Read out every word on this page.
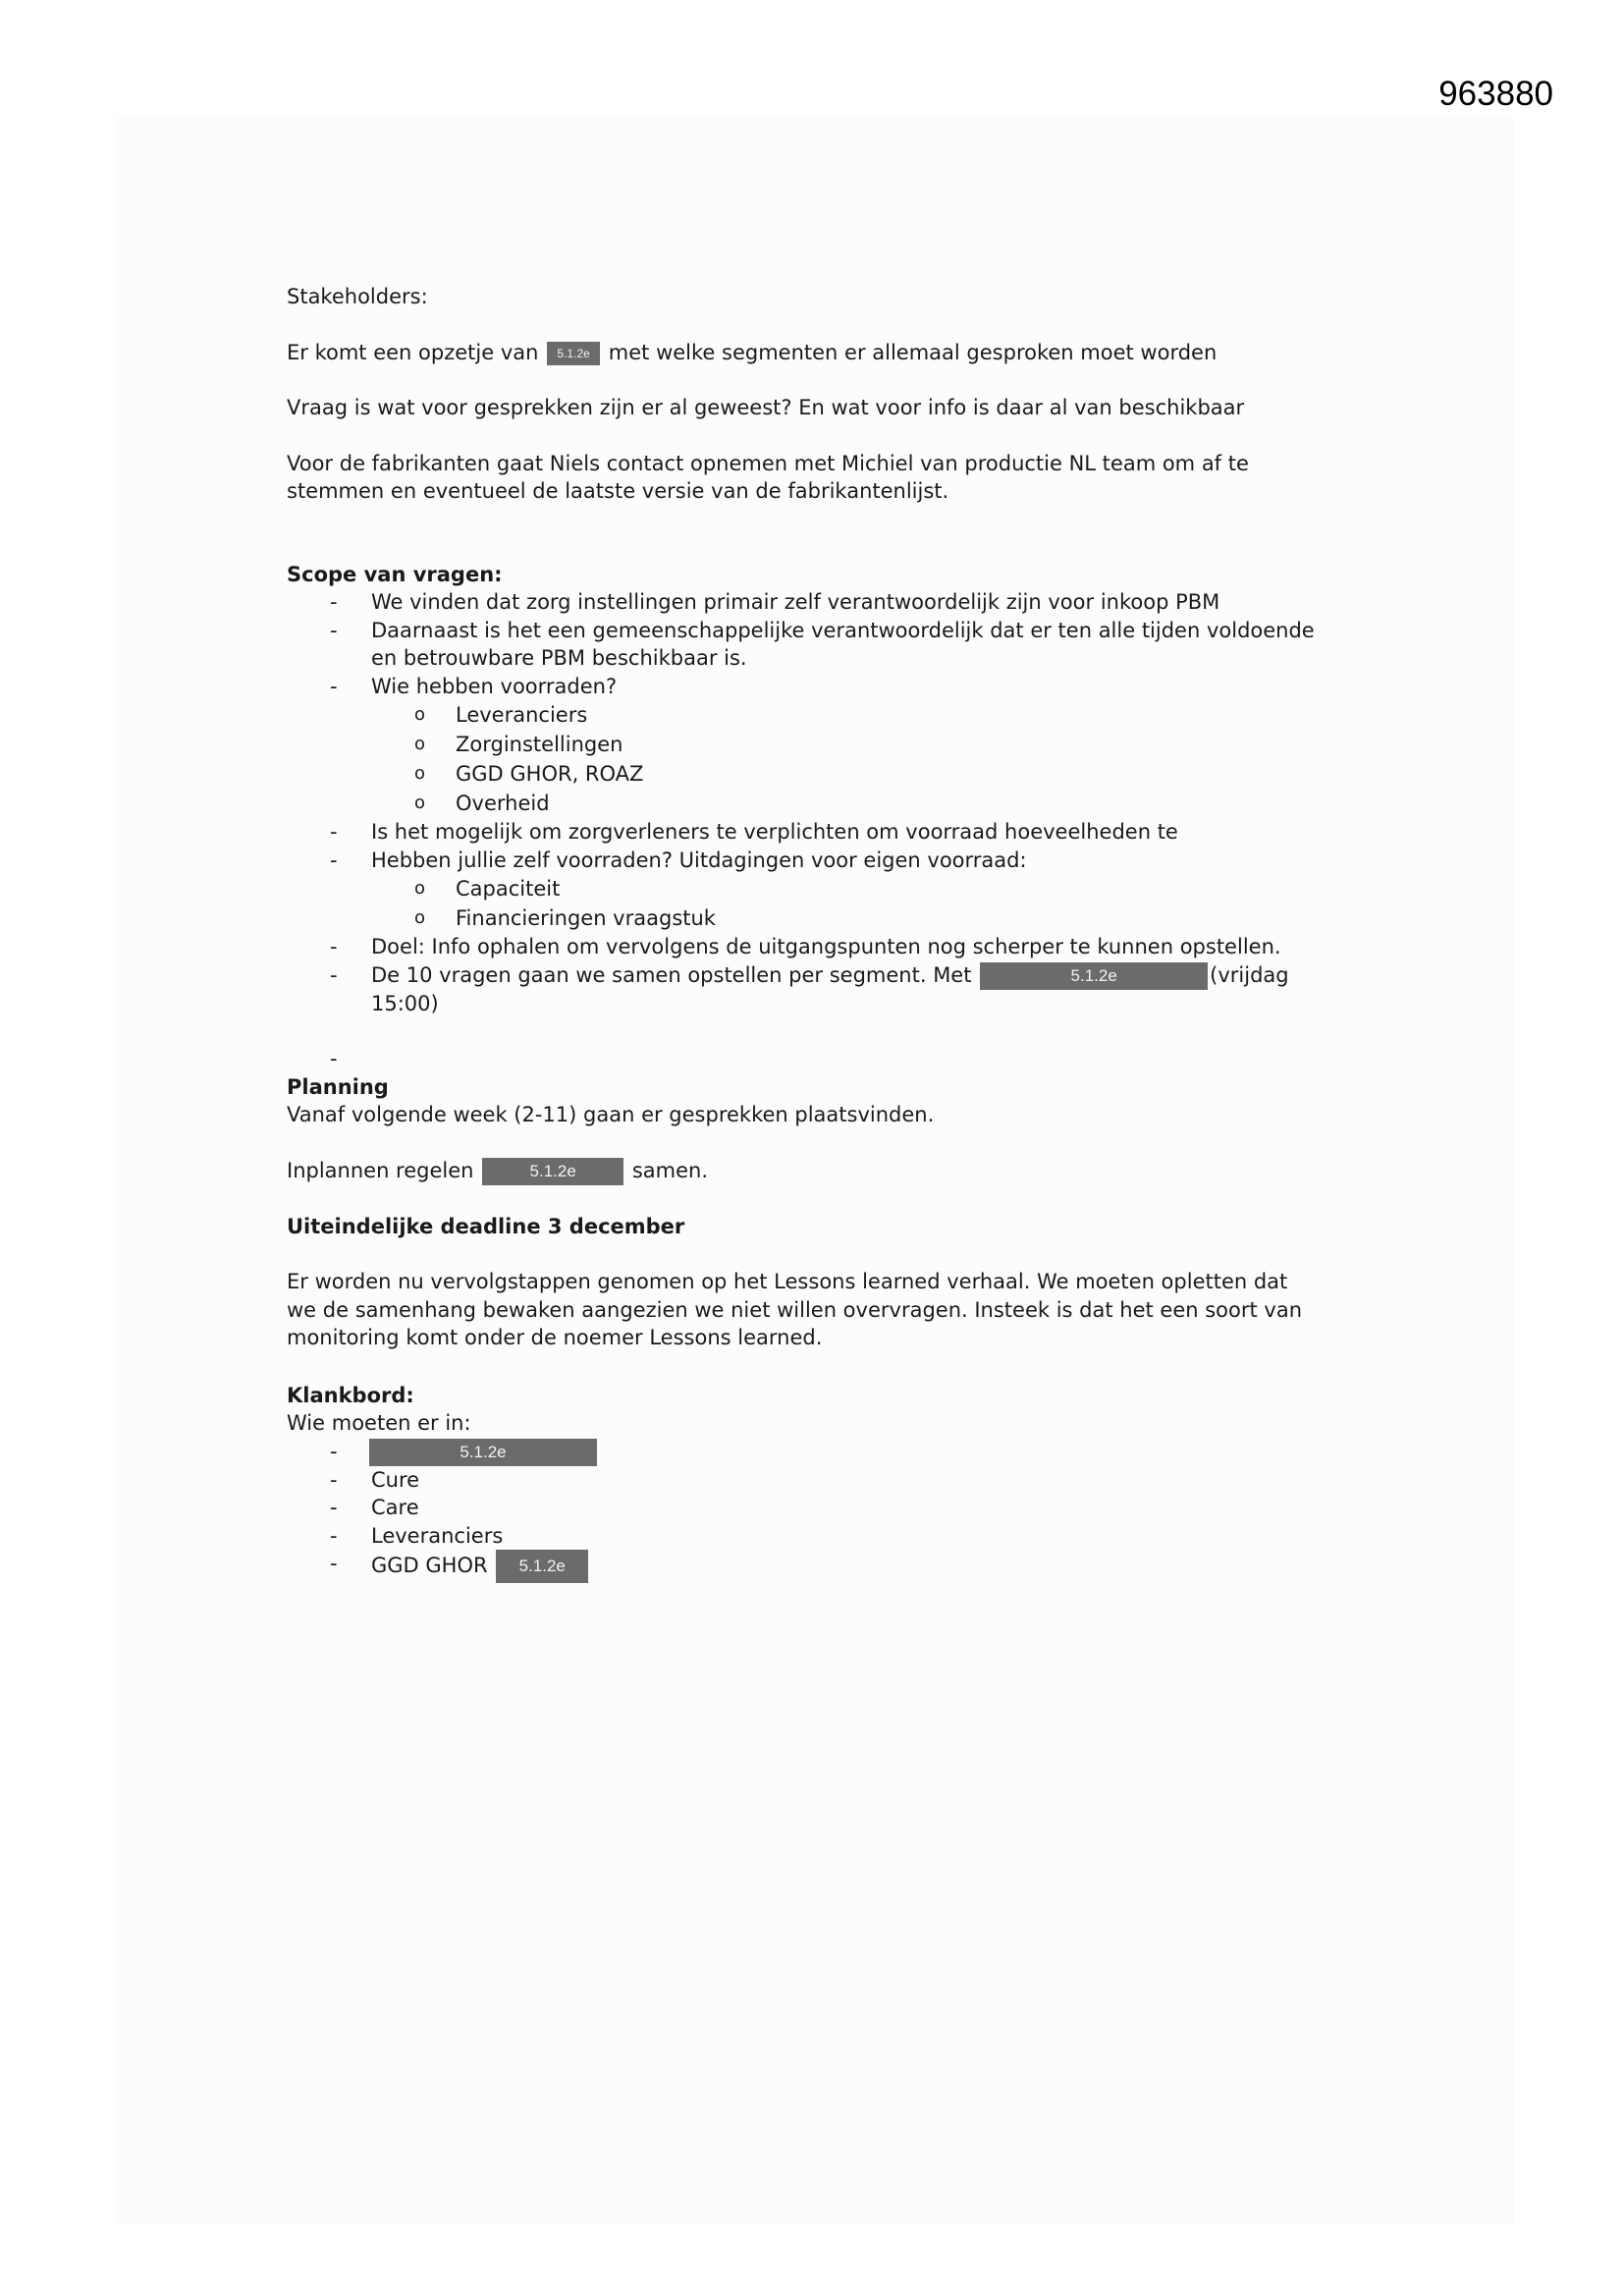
963880

Stakeholders:

Er komt een opzetje van 5.1.2e met welke segmenten er allemaal gesproken moet worden

Vraag is wat voor gesprekken zijn er al geweest? En wat voor info is daar al van beschikbaar

Voor de fabrikanten gaat Niels contact opnemen met Michiel van productie NL team om af te
stemmen en eventueel de laatste versie van de fabrikantenlijst.

Scope van vragen:
- We vinden dat zorg instellingen primair zelf verantwoordelijk zijn voor inkoop PBM
- Daarnaast is het een gemeenschappelijke verantwoordelijk dat er ten alle tijden voldoende
en betrouwbare PBM beschikbaar is.
- Wie hebben voorraden?
o Leveranciers
o Zorginstellingen
o GGD GHOR, ROAZ
o Overheid
- Is het mogelijk om zorgverleners te verplichten om voorraad hoeveelheden te
- Hebben jullie zelf voorraden? Uitdagingen voor eigen voorraad:
o Capaciteit
o Financieringen vraagstuk
- Doel: Info ophalen om vervolgens de uitgangspunten nog scherper te kunnen opstellen.
- De 10 vragen gaan we samen opstellen per segment. Met	5.1.2e	(vrijdag
15:00)
-
Planning

Vanaf volgende week (2-11) gaan er gesprekken plaatsvinden.

Inplannen regelen	5.1.2e	samen.

Uiteindelijke deadline 3 december

Er worden nu vervolgstappen genomen op het Lessons learned verhaal. We moeten opletten dat
we de samenhang bewaken aangezien we niet willen overvragen. Insteek is dat het een soort van
monitoring komt onder de noemer Lessons learned.

Klankbord:

Wie moeten er in:

- 5.1.2e
- Cure
- Care
- Leveranciers
- GGD GHOR 5.1.2e
